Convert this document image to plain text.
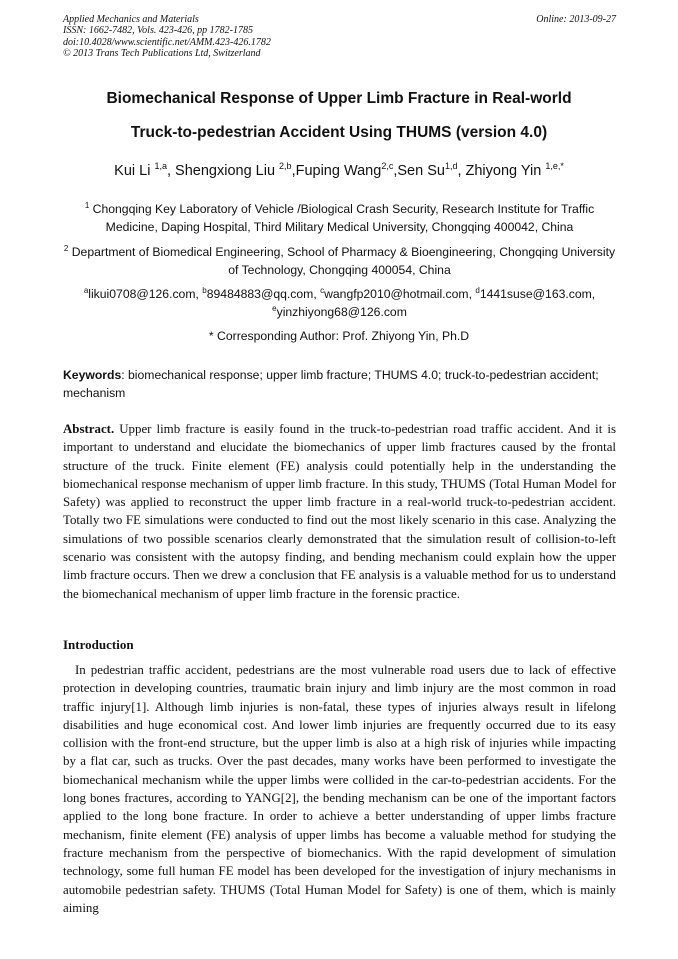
Applied Mechanics and Materials
ISSN: 1662-7482, Vols. 423-426, pp 1782-1785
doi:10.4028/www.scientific.net/AMM.423-426.1782
© 2013 Trans Tech Publications Ltd, Switzerland
Online: 2013-09-27
Biomechanical Response of Upper Limb Fracture in Real-world
Truck-to-pedestrian Accident Using THUMS (version 4.0)
Kui Li $^{1,a}$, Shengxiong Liu $^{2,b}$,Fuping Wang$^{2,c}$,Sen Su$^{1,d}$, Zhiyong Yin $^{1,e,*}$
$^1$ Chongqing Key Laboratory of Vehicle /Biological Crash Security, Research Institute for Traffic Medicine, Daping Hospital, Third Military Medical University, Chongqing 400042, China
$^2$ Department of Biomedical Engineering, School of Pharmacy & Bioengineering, Chongqing University of Technology, Chongqing 400054, China
$^a$likui0708@126.com, $^b$89484883@qq.com, $^c$wangfp2010@hotmail.com, $^d$1441suse@163.com,
$^e$yinzhiyong68@126.com
* Corresponding Author: Prof. Zhiyong Yin, Ph.D
Keywords: biomechanical response; upper limb fracture; THUMS 4.0; truck-to-pedestrian accident; mechanism
Abstract. Upper limb fracture is easily found in the truck-to-pedestrian road traffic accident. And it is important to understand and elucidate the biomechanics of upper limb fractures caused by the frontal structure of the truck. Finite element (FE) analysis could potentially help in the understanding the biomechanical response mechanism of upper limb fracture. In this study, THUMS (Total Human Model for Safety) was applied to reconstruct the upper limb fracture in a real-world truck-to-pedestrian accident. Totally two FE simulations were conducted to find out the most likely scenario in this case. Analyzing the simulations of two possible scenarios clearly demonstrated that the simulation result of collision-to-left scenario was consistent with the autopsy finding, and bending mechanism could explain how the upper limb fracture occurs. Then we drew a conclusion that FE analysis is a valuable method for us to understand the biomechanical mechanism of upper limb fracture in the forensic practice.
Introduction
In pedestrian traffic accident, pedestrians are the most vulnerable road users due to lack of effective protection in developing countries, traumatic brain injury and limb injury are the most common in road traffic injury[1]. Although limb injuries is non-fatal, these types of injuries always result in lifelong disabilities and huge economical cost. And lower limb injuries are frequently occurred due to its easy collision with the front-end structure, but the upper limb is also at a high risk of injuries while impacting by a flat car, such as trucks. Over the past decades, many works have been performed to investigate the biomechanical mechanism while the upper limbs were collided in the car-to-pedestrian accidents. For the long bones fractures, according to YANG[2], the bending mechanism can be one of the important factors applied to the long bone fracture. In order to achieve a better understanding of upper limbs fracture mechanism, finite element (FE) analysis of upper limbs has become a valuable method for studying the fracture mechanism from the perspective of biomechanics. With the rapid development of simulation technology, some full human FE model has been developed for the investigation of injury mechanisms in automobile pedestrian safety. THUMS (Total Human Model for Safety) is one of them, which is mainly aiming
